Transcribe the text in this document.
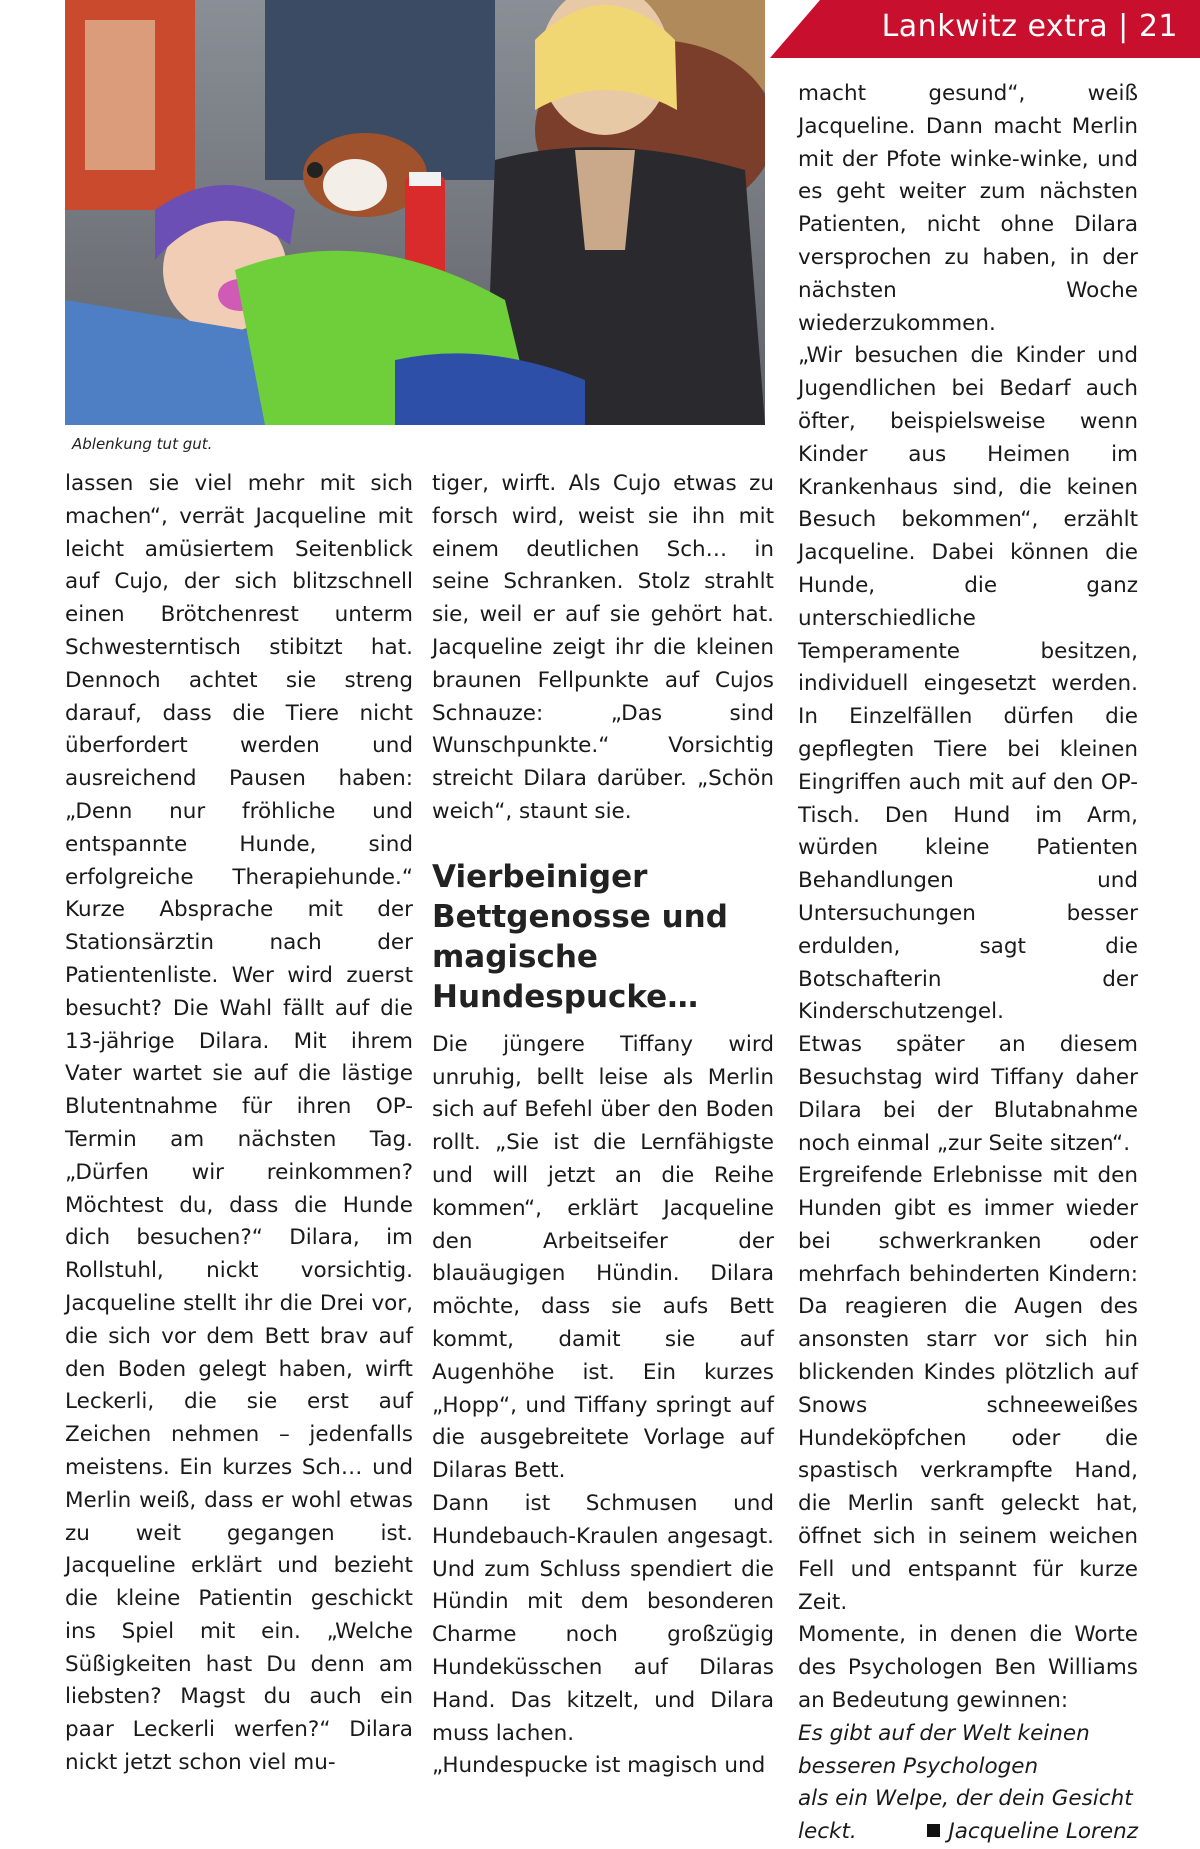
Lankwitz extra | 21
Ablenkung tut gut.

lassen sie viel mehr mit sich machen“, verrät Jacqueline mit leicht amüsiertem Seitenblick auf Cujo, der sich blitzschnell einen Brötchenrest unterm Schwesterntisch stibitzt hat. Dennoch achtet sie streng darauf, dass die Tiere nicht überfordert werden und ausreichend Pausen haben: „Denn nur fröhliche und entspannte Hunde, sind erfolgreiche Therapiehunde.“ Kurze Absprache mit der Stationsärztin nach der Patientenliste. Wer wird zuerst besucht? Die Wahl fällt auf die 13-jährige Dilara. Mit ihrem Vater wartet sie auf die lästige Blutentnahme für ihren OP-Termin am nächsten Tag. „Dürfen wir reinkommen? Möchtest du, dass die Hunde dich besuchen?“ Dilara, im Rollstuhl, nickt vorsichtig. Jacqueline stellt ihr die Drei vor, die sich vor dem Bett brav auf den Boden gelegt haben, wirft Leckerli, die sie erst auf Zeichen nehmen – jedenfalls meistens. Ein kurzes Sch… und Merlin weiß, dass er wohl etwas zu weit gegangen ist. Jacqueline erklärt und bezieht die kleine Patientin geschickt ins Spiel mit ein. „Welche Süßigkeiten hast Du denn am liebsten? Magst du auch ein paar Leckerli werfen?“ Dilara nickt jetzt schon viel mu-

tiger, wirft. Als Cujo etwas zu forsch wird, weist sie ihn mit einem deutlichen Sch… in seine Schranken. Stolz strahlt sie, weil er auf sie gehört hat. Jacqueline zeigt ihr die kleinen braunen Fellpunkte auf Cujos Schnauze: „Das sind Wunschpunkte.“ Vorsichtig streicht Dilara darüber. „Schön weich“, staunt sie.

Vierbeiniger Bettgenosse und magische Hundespucke…

Die jüngere Tiffany wird unruhig, bellt leise als Merlin sich auf Befehl über den Boden rollt. „Sie ist die Lernfähigste und will jetzt an die Reihe kommen“, erklärt Jacqueline den Arbeitseifer der blauäugigen Hündin. Dilara möchte, dass sie aufs Bett kommt, damit sie auf Augenhöhe ist. Ein kurzes „Hopp“, und Tiffany springt auf die ausgebreitete Vorlage auf Dilaras Bett.

Dann ist Schmusen und Hundebauch-Kraulen angesagt. Und zum Schluss spendiert die Hündin mit dem besonderen Charme noch großzügig Hundeküsschen auf Dilaras Hand. Das kitzelt, und Dilara muss lachen.

„Hundespucke ist magisch und

macht gesund“, weiß Jacqueline. Dann macht Merlin mit der Pfote winke-winke, und es geht weiter zum nächsten Patienten, nicht ohne Dilara versprochen zu haben, in der nächsten Woche wiederzukommen.

„Wir besuchen die Kinder und Jugendlichen bei Bedarf auch öfter, beispielsweise wenn Kinder aus Heimen im Krankenhaus sind, die keinen Besuch bekommen“, erzählt Jacqueline. Dabei können die Hunde, die ganz unterschiedliche Temperamente besitzen, individuell eingesetzt werden. In Einzelfällen dürfen die gepflegten Tiere bei kleinen Eingriffen auch mit auf den OP-Tisch. Den Hund im Arm, würden kleine Patienten Behandlungen und Untersuchungen besser erdulden, sagt die Botschafterin der Kinderschutzengel.

Etwas später an diesem Besuchstag wird Tiffany daher Dilara bei der Blutabnahme noch einmal „zur Seite sitzen“.

Ergreifende Erlebnisse mit den Hunden gibt es immer wieder bei schwerkranken oder mehrfach behinderten Kindern: Da reagieren die Augen des ansonsten starr vor sich hin blickenden Kindes plötzlich auf Snows schneeweißes Hundeköpfchen oder die spastisch verkrampfte Hand, die Merlin sanft geleckt hat, öffnet sich in seinem weichen Fell und entspannt für kurze Zeit.

Momente, in denen die Worte des Psychologen Ben Williams an Bedeutung gewinnen:

Es gibt auf der Welt keinen
besseren Psychologen
als ein Welpe, der dein Gesicht
leckt.	Jacqueline Lorenz
